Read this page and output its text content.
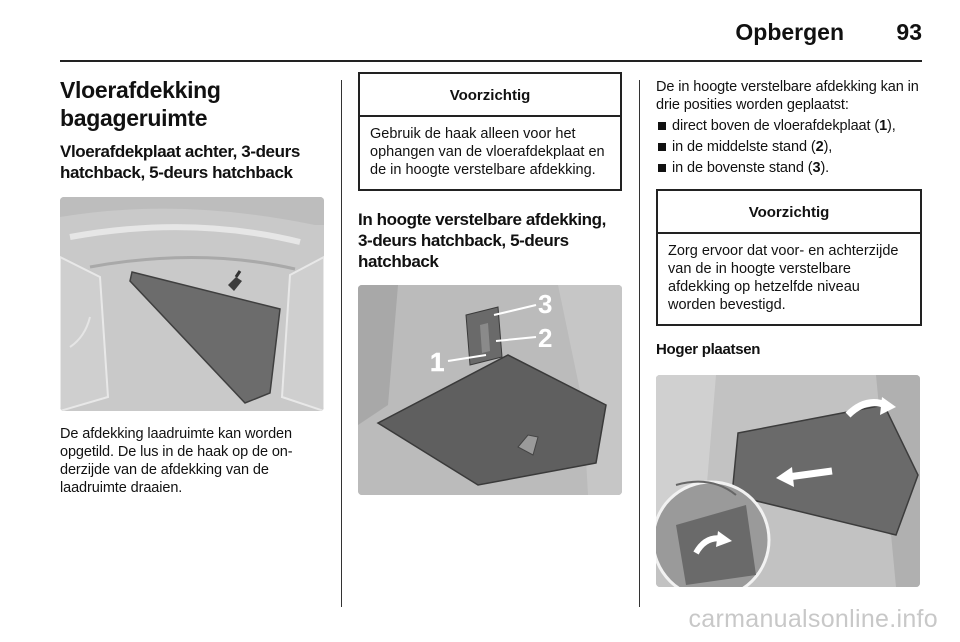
Opbergen 93
Vloerafdekking bagageruimte
Vloerafdekplaat achter, 3-deurs hatchback, 5-deurs hatchback

De afdekking laadruimte kan worden opgetild. De lus in de haak op de onderzijde van de afdekking van de laadruimte draaien.

Voorzichtig
Gebruik de haak alleen voor het ophangen van de vloerafdekplaat en de in hoogte verstelbare afdekking.
In hoogte verstelbare afdekking, 3-deurs hatchback, 5-deurs hatchback
1
2
3

De in hoogte verstelbare afdekking kan in drie posities worden geplaatst:

direct boven de vloerafdekplaat (1),
in de middelste stand (2),
in de bovenste stand (3).
Voorzichtig
Zorg ervoor dat voor- en achterzijde van de in hoogte verstelbare afdekking op hetzelfde niveau worden bevestigd.
Hoger plaatsen
carmanualsonline.info
